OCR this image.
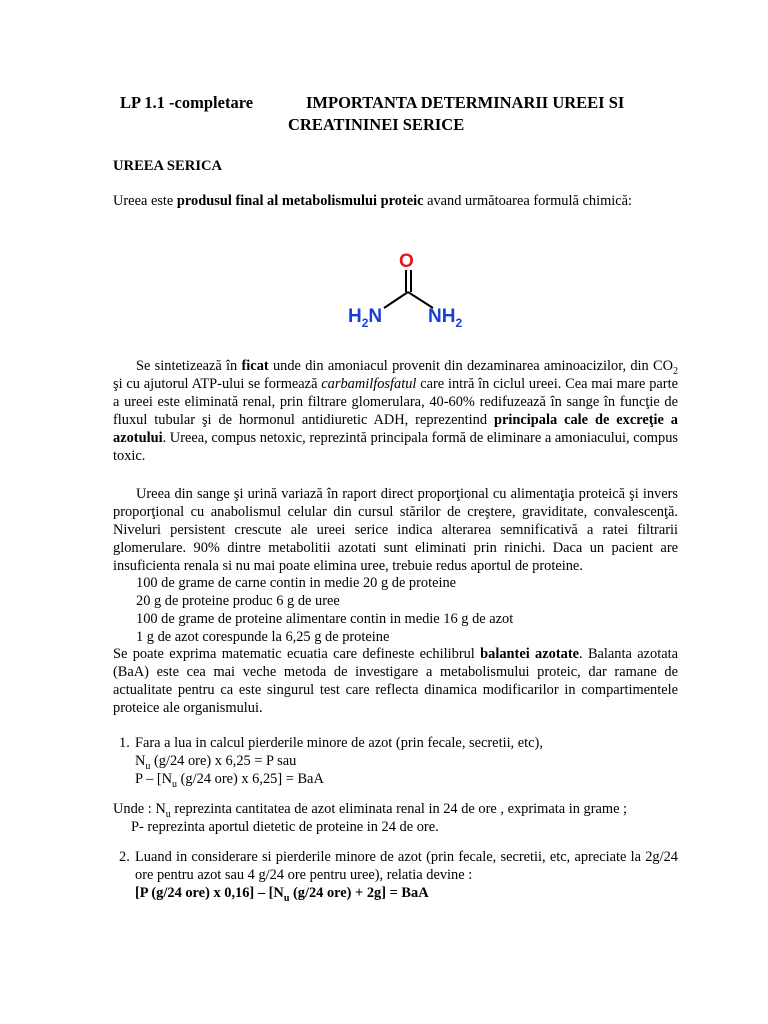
LP 1.1 -completare	IMPORTANTA DETERMINARII UREEI SI
CREATININEI SERICE
UREEA SERICA
Ureea este produsul final al metabolismului proteic avand următoarea formulă chimică:
O
$H_2N$ $NH_2$
Se sintetizează în ficat unde din amoniacul provenit din dezaminarea aminoacizilor, din $CO_2$ şi cu ajutorul ATP-ului se formează carbamilfosfatul care intră în ciclul ureei. Cea mai mare parte a ureei este eliminată renal, prin filtrare glomerulara, 40-60% redifuzează în sange în funcţie de fluxul tubular şi de hormonul antidiuretic ADH, reprezentind principala cale de excreţie a azotului. Ureea, compus netoxic, reprezintă principala formă de eliminare a amoniacului, compus toxic.
Ureea din sange şi urină variază în raport direct proporţional cu alimentaţia proteică şi invers proporţional cu anabolismul celular din cursul stărilor de creştere, graviditate, convalescenţă. Niveluri persistent crescute ale ureei serice indica alterarea semnificativă a ratei filtrarii glomerulare. 90% dintre metabolitii azotati sunt eliminati prin rinichi. Daca un pacient are insuficienta renala si nu mai poate elimina uree, trebuie redus aportul de proteine.
100 de grame de carne contin in medie 20 g de proteine
20 g de proteine produc 6 g de uree
100 de grame de proteine alimentare contin in medie 16 g de azot
1 g de azot corespunde la 6,25 g de proteine
Se poate exprima matematic ecuatia care defineste echilibrul balantei azotate. Balanta azotata (BaA) este cea mai veche metoda de investigare a metabolismului proteic, dar ramane de actualitate pentru ca este singurul test care reflecta dinamica modificarilor in compartimentele proteice ale organismului.
1. Fara a lua in calcul pierderile minore de azot (prin fecale, secretii, etc),
$N_u$ (g/24 ore) x 6,25 = P sau
P – [$N_u$ (g/24 ore) x 6,25] = BaA
Unde : $N_u$ reprezinta cantitatea de azot eliminata renal in 24 de ore , exprimata in grame ;
P- reprezinta aportul dietetic de proteine in 24 de ore.
2. Luand in considerare si pierderile minore de azot (prin fecale, secretii, etc, apreciate la 2g/24 ore pentru azot sau 4 g/24 ore pentru uree), relatia devine :
[P (g/24 ore) x $0,16] - [N_u$ (g/24 ore) + 2g] = BaA
